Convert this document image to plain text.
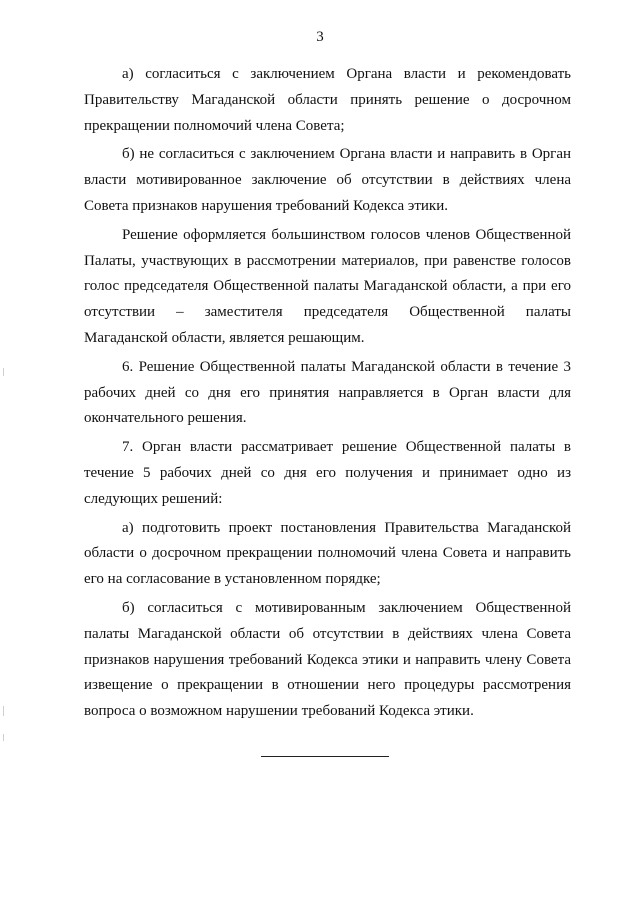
3

а) согласиться с заключением Органа власти и рекомендовать Правительству Магаданской области принять решение о досрочном прекращении полномочий члена Совета;

б) не согласиться с заключением Органа власти и направить в Орган власти мотивированное заключение об отсутствии в действиях члена Совета признаков нарушения требований Кодекса этики.

Решение оформляется большинством голосов членов Общественной Палаты, участвующих в рассмотрении материалов, при равенстве голосов голос председателя Общественной палаты Магаданской области, а при его отсутствии – заместителя председателя Общественной палаты Магаданской области, является решающим.

6. Решение Общественной палаты Магаданской области в течение 3 рабочих дней со дня его принятия направляется в Орган власти для окончательного решения.

7. Орган власти рассматривает решение Общественной палаты в течение 5 рабочих дней со дня его получения и принимает одно из следующих решений:

а) подготовить проект постановления Правительства Магаданской области о досрочном прекращении полномочий члена Совета и направить его на согласование в установленном порядке;

б) согласиться с мотивированным заключением Общественной палаты Магаданской области об отсутствии в действиях члена Совета признаков нарушения требований Кодекса этики и направить члену Совета извещение о прекращении в отношении него процедуры рассмотрения вопроса о возможном нарушении требований Кодекса этики.
